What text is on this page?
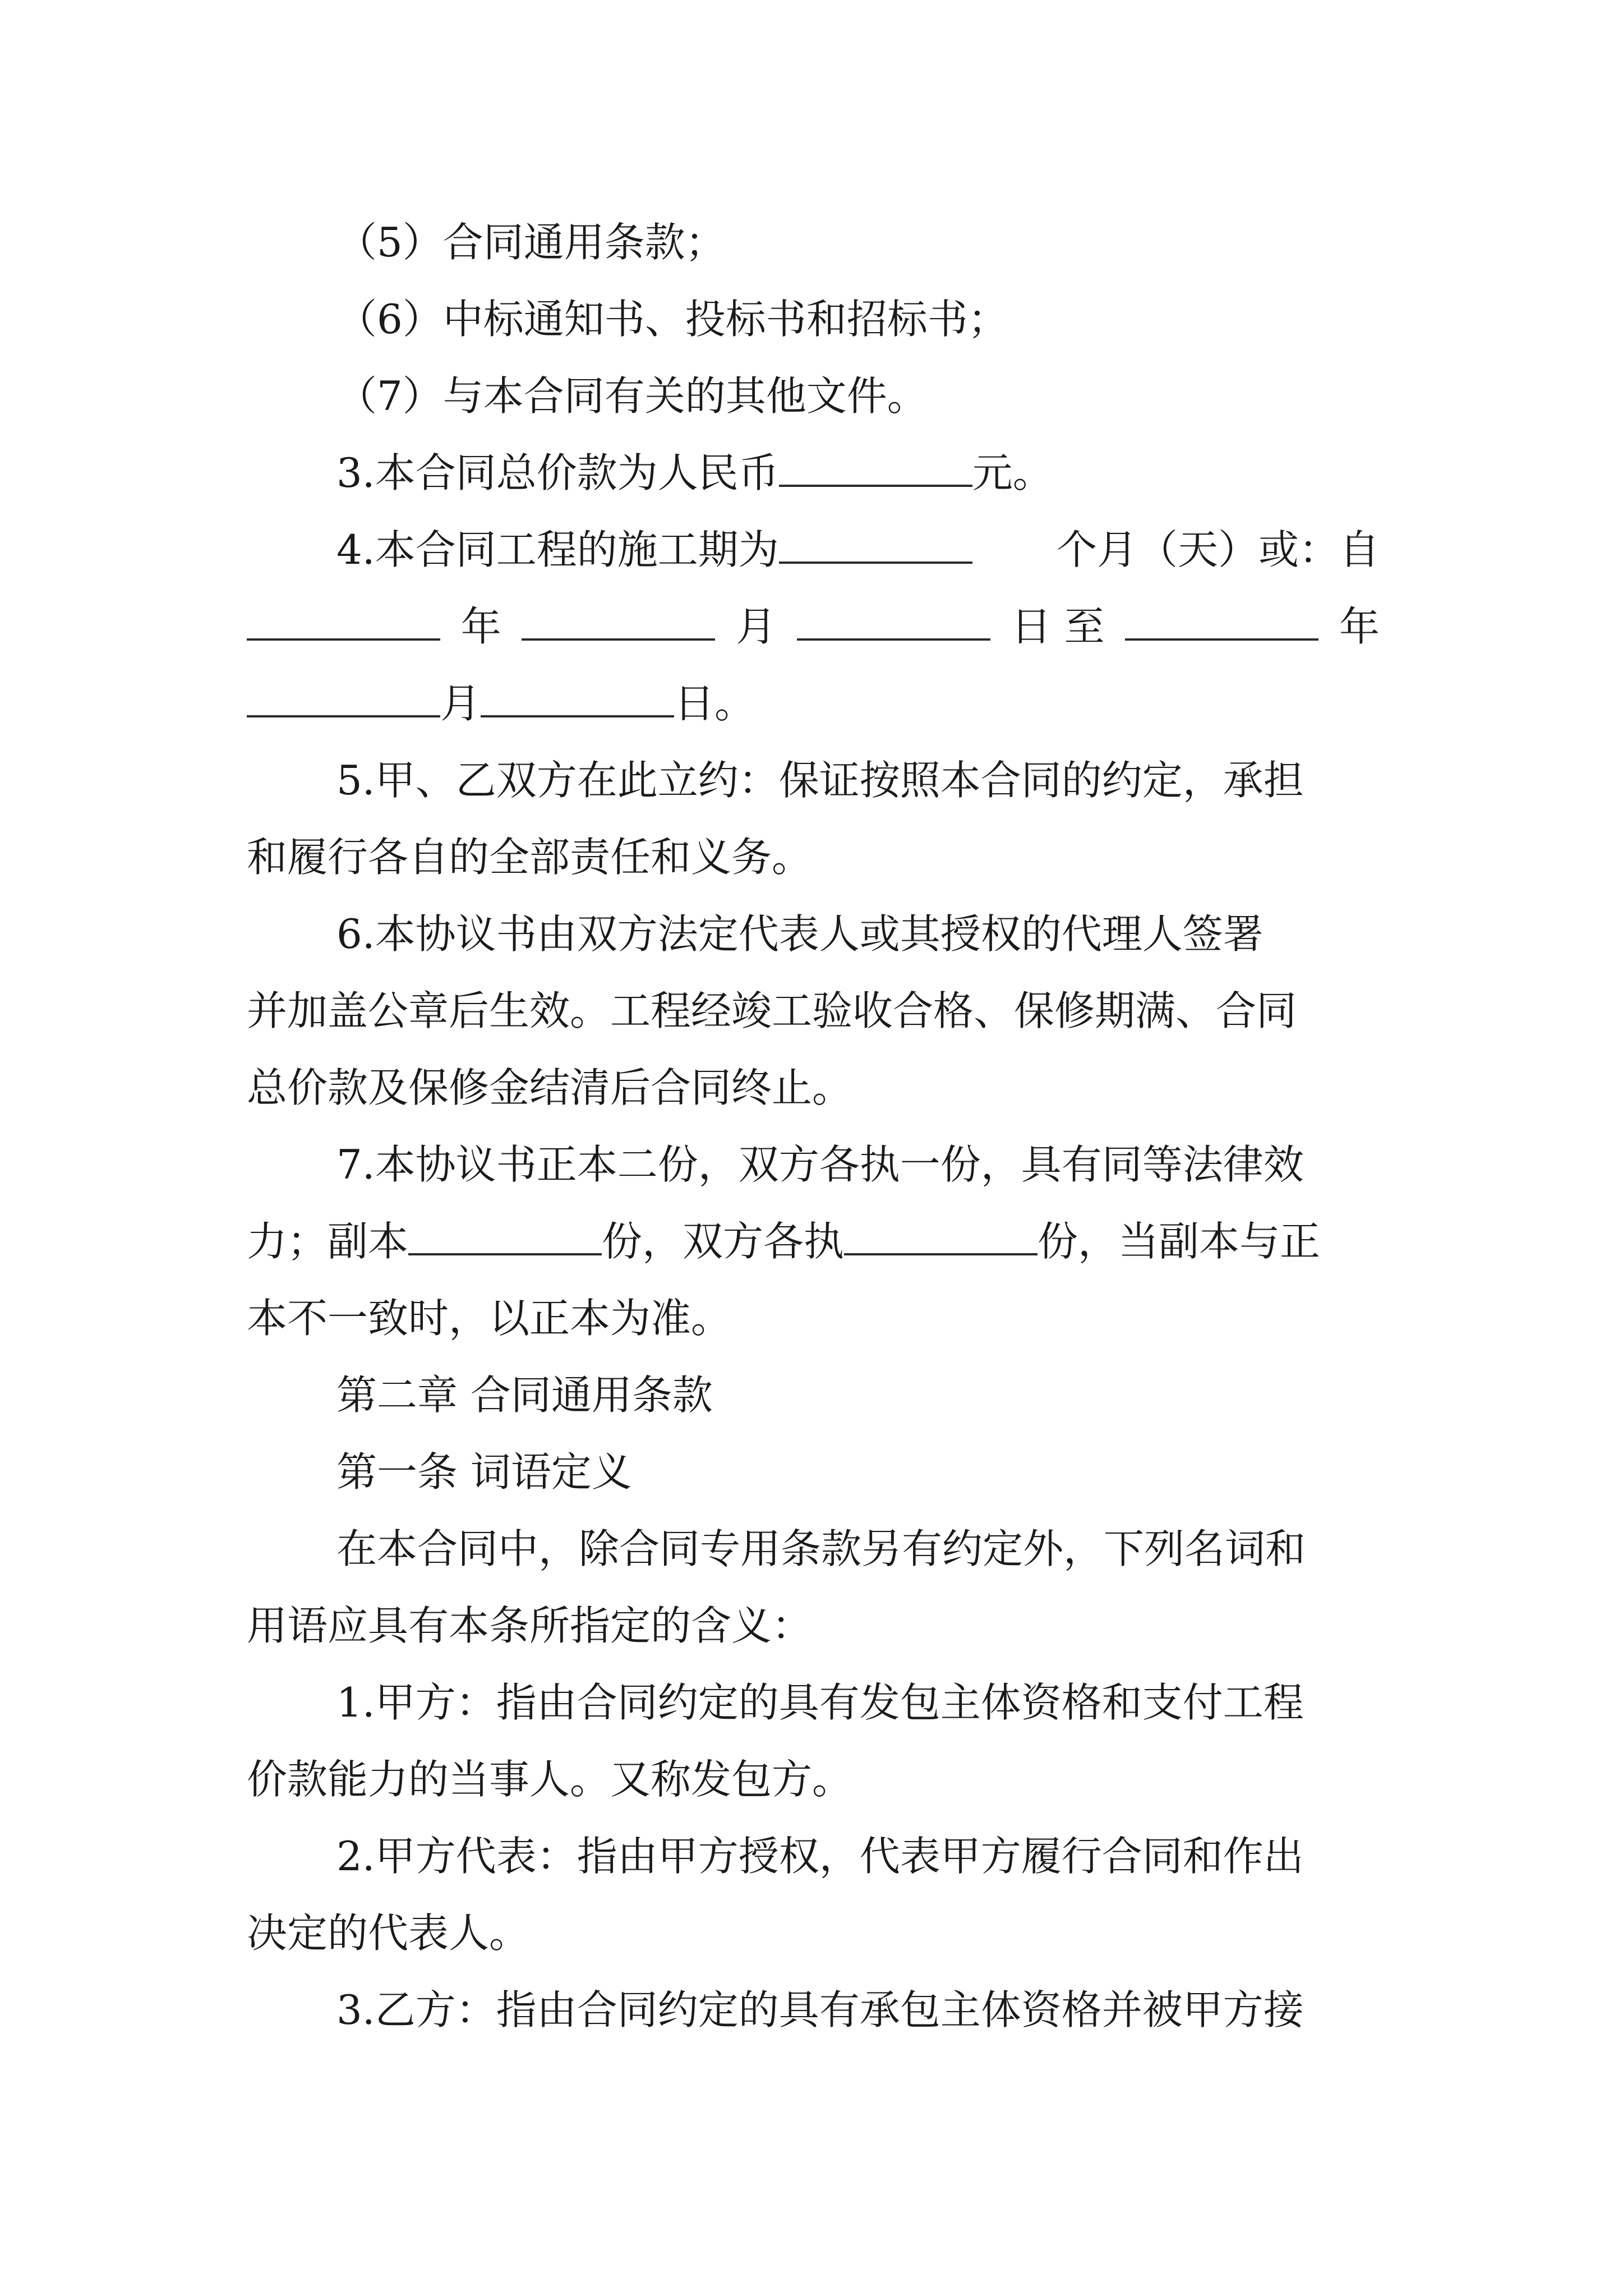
（5）合同通用条款；
（6）中标通知书、投标书和招标书；
（7）与本合同有关的其他文件。
3.本合同总价款为人民币	元。
4.本合同工程的施工期为	个月（天）或：自
年	月	日 至	年
月	日。
5.甲、乙双方在此立约：保证按照本合同的约定，承担
和履行各自的全部责任和义务。
6.本协议书由双方法定代表人或其授权的代理人签署
并加盖公章后生效。工程经竣工验收合格、保修期满、合同
总价款及保修金结清后合同终止。
7.本协议书正本二份，双方各执一份，具有同等法律效
力；副本	份，双方各执	份，当副本与正
本不一致时，以正本为准。
第二章 合同通用条款
第一条 词语定义
在本合同中，除合同专用条款另有约定外，下列名词和
用语应具有本条所指定的含义：
1.甲方：指由合同约定的具有发包主体资格和支付工程
价款能力的当事人。又称发包方。
2.甲方代表：指由甲方授权，代表甲方履行合同和作出
决定的代表人。
3.乙方：指由合同约定的具有承包主体资格并被甲方接
